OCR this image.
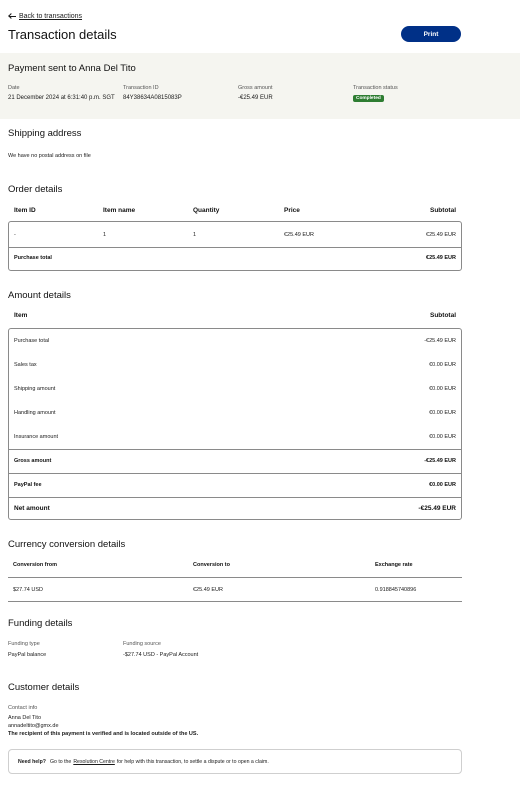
Back to transactions
Transaction details	Print
Payment sent to Anna Del Tito
Date
21 December 2024 at 6:31:40 p.m. SGT
Transaction ID
84Y38634A0815083P
Gross amount
-€25.49 EUR
Transaction status
Completed
Shipping address
We have no postal address on file
Order details
Item ID	Item name	Quantity	Price	Subtotal
-	1	1	€25.49 EUR	€25.49 EUR
Purchase total	€25.49 EUR
Amount details
Item	Subtotal
Purchase total	-€25.49 EUR
Sales tax	€0.00 EUR
Shipping amount	€0.00 EUR
Handling amount	€0.00 EUR
Insurance amount	€0.00 EUR
Gross amount	-€25.49 EUR
PayPal fee	€0.00 EUR
Net amount	-€25.49 EUR
Currency conversion details
Conversion from	Conversion to	Exchange rate
$27.74 USD	€25.49 EUR	0.918845740896
Funding details
Funding type
PayPal balance
Funding source
-$27.74 USD - PayPal Account
Customer details
Contact info
Anna Del Tito
annadeltito@gmx.de
The recipient of this payment is verified and is located outside of the US.
Need help? Go to the Resolution Centre for help with this transaction, to settle a dispute or to open a claim.
